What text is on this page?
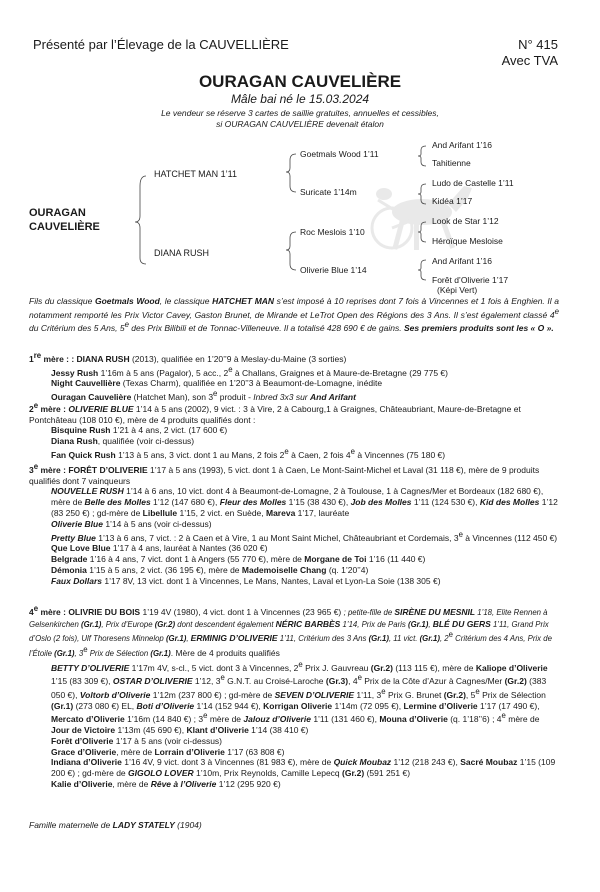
Présenté par l’Élevage de la CAUVELLIÈRE	N° 415
Avec TVA
OURAGAN CAUVELIÈRE
Mâle bai né le 15.03.2024
Le vendeur se réserve 3 cartes de saillie gratuites, annuelles et cessibles,
si OURAGAN CAUVELIÈRE devenait étalon
OURAGAN
CAUVELIÈRE
HATCHET MAN 1’11
DIANA RUSH
Goetmals Wood 1’11
Suricate 1’14m
Roc Meslois 1’10
Oliverie Blue 1’14
And Arifant 1’16
Tahitienne
Ludo de Castelle 1’11
Kidéa 1’17
Look de Star 1’12
Héroïque Mesloise
And Arifant 1’16
Forêt d’Oliverie 1’17
(Képi Vert)
Fils du classique Goetmals Wood, le classique HATCHET MAN s’est imposé à 10 reprises dont 7 fois à Vincennes et 1 fois à Enghien. Il a notamment remporté les Prix Victor Cavey, Gaston Brunet, de Mirande et LeTrot Open des Régions des 3 Ans. Il s’est également classé 4e du Critérium des 5 Ans, 5e des Prix Bilibili et de Tonnac-Villeneuve. Il a totalisé 428 690 € de gains. Ses premiers produits sont les « O ».
1re mère : : DIANA RUSH (2013), qualifiée en 1’20’’9 à Meslay-du-Maine (3 sorties)
Jessy Rush 1’16m à 5 ans (Pagalor), 5 acc., 2e à Challans, Graignes et à Maure-de-Bretagne (29 775 €)
Night Cauvellière (Texas Charm), qualifiée en 1’20’’3 à Beaumont-de-Lomagne, inédite
Ouragan Cauvelière (Hatchet Man), son 3e produit - Inbred 3x3 sur And Arifant
2e mère : OLIVERIE BLUE 1’14 à 5 ans (2002), 9 vict. : 3 à Vire, 2 à Cabourg,1 à Graignes, Châteaubriant, Maure-de-Bretagne et Pontchâteau (108 010 €), mère de 4 produits qualifiés dont :
Bisquine Rush 1’21 à 4 ans, 2 vict. (17 600 €)
Diana Rush, qualifiée (voir ci-dessus)
Fan Quick Rush 1’13 à 5 ans, 3 vict. dont 1 au Mans, 2 fois 2e à Caen, 2 fois 4e à Vincennes (75 180 €)
3e mère : FORÊT D’OLIVERIE 1’17 à 5 ans (1993), 5 vict. dont 1 à Caen, Le Mont-Saint-Michel et Laval (31 118 €), mère de 9 produits qualifiés dont 7 vainqueurs
NOUVELLE RUSH 1’14 à 6 ans, 10 vict. dont 4 à Beaumont-de-Lomagne, 2 à Toulouse, 1 à Cagnes/Mer et Bordeaux (182 680 €), mère de Belle des Molles 1’12 (147 680 €), Fleur des Molles 1’15 (38 430 €), Job des Molles 1’11 (124 530 €), Kid des Molles 1’12 (83 250 €) ; gd-mère de Libellule 1’15, 2 vict. en Suède, Mareva 1’17, lauréate
Oliverie Blue 1’14 à 5 ans (voir ci-dessus)
Pretty Blue 1’13 à 6 ans, 7 vict. : 2 à Caen et à Vire, 1 au Mont Saint Michel, Châteaubriant et Cordemais, 3e à Vincennes (112 450 €)
Que Love Blue 1’17 à 4 ans, lauréat à Nantes (36 020 €)
Belgrade 1’16 à 4 ans, 7 vict. dont 1 à Angers (55 770 €), mère de Morgane de Toi 1’16 (11 440 €)
Démonia 1’15 à 5 ans, 2 vict. (36 195 €), mère de Mademoiselle Chang (q. 1’20’’4)
Faux Dollars 1’17 8V, 13 vict. dont 1 à Vincennes, Le Mans, Nantes, Laval et Lyon-La Soie (138 305 €)
4e mère : OLIVRIE DU BOIS 1’19 4V (1980), 4 vict. dont 1 à Vincennes (23 965 €) ; petite-fille de SIRÈNE DU MESNIL 1’18, Elite Rennen à Gelsenkirchen (Gr.1), Prix d’Europe (Gr.2) dont descendent également NÉRIC BARBÈS 1’14, Prix de Paris (Gr.1), BLÉ DU GERS 1’11, Grand Prix d’Oslo (2 fois), Ulf Thoresens Minnelop (Gr.1), ERMINIG D’OLIVERIE 1’11, Critérium des 3 Ans (Gr.1), 11 vict. (Gr.1), 2e Critérium des 4 Ans, Prix de l’Étoile (Gr.1), 3e Prix de Sélection (Gr.1). Mère de 4 produits qualifiés
BETTY D’OLIVERIE 1’17m 4V, s-cl., 5 vict. dont 3 à Vincennes, 2e Prix J. Gauvreau (Gr.2) (113 115 €), mère de Kaliope d’Oliverie 1’15 (83 309 €), OSTAR D’OLIVERIE 1’12, 3e G.N.T. au Croisé-Laroche (Gr.3), 4e Prix de la Côte d’Azur à Cagnes/Mer (Gr.2) (383 050 €), Voltorb d’Oliverie 1’12m (237 800 €) ; gd-mère de SEVEN D’OLIVERIE 1’11, 3e Prix G. Brunet (Gr.2), 5e Prix de Sélection (Gr.1) (273 080 €) EL, Boti d’Oliverie 1’14 (152 944 €), Korrigan Oliverie 1’14m (72 095 €), Lermine d’Oliverie 1’17 (17 490 €), Mercato d’Oliverie 1’16m (14 840 €) ; 3e mère de Jalouz d’Oliverie 1’11 (131 460 €), Mouna d’Oliverie (q. 1’18’’6) ; 4e mère de Jour de Victoire 1’13m (45 690 €), Klant d’Oliverie 1’14 (38 410 €)
Forêt d’Oliverie 1’17 à 5 ans (voir ci-dessus)
Grace d’Oliverie, mère de Lorrain d’Oliverie 1’17 (63 808 €)
Indiana d’Oliverie 1’16 4V, 9 vict. dont 3 à Vincennes (81 983 €), mère de Quick Moubaz 1’12 (218 243 €), Sacré Moubaz 1’15 (109 200 €) ; gd-mère de GIGOLO LOVER 1’10m, Prix Reynolds, Camille Lepecq (Gr.2) (591 251 €)
Kalie d’Oliverie, mère de Rêve à l’Oliverie 1’12 (295 920 €)
Famille maternelle de LADY STATELY (1904)
